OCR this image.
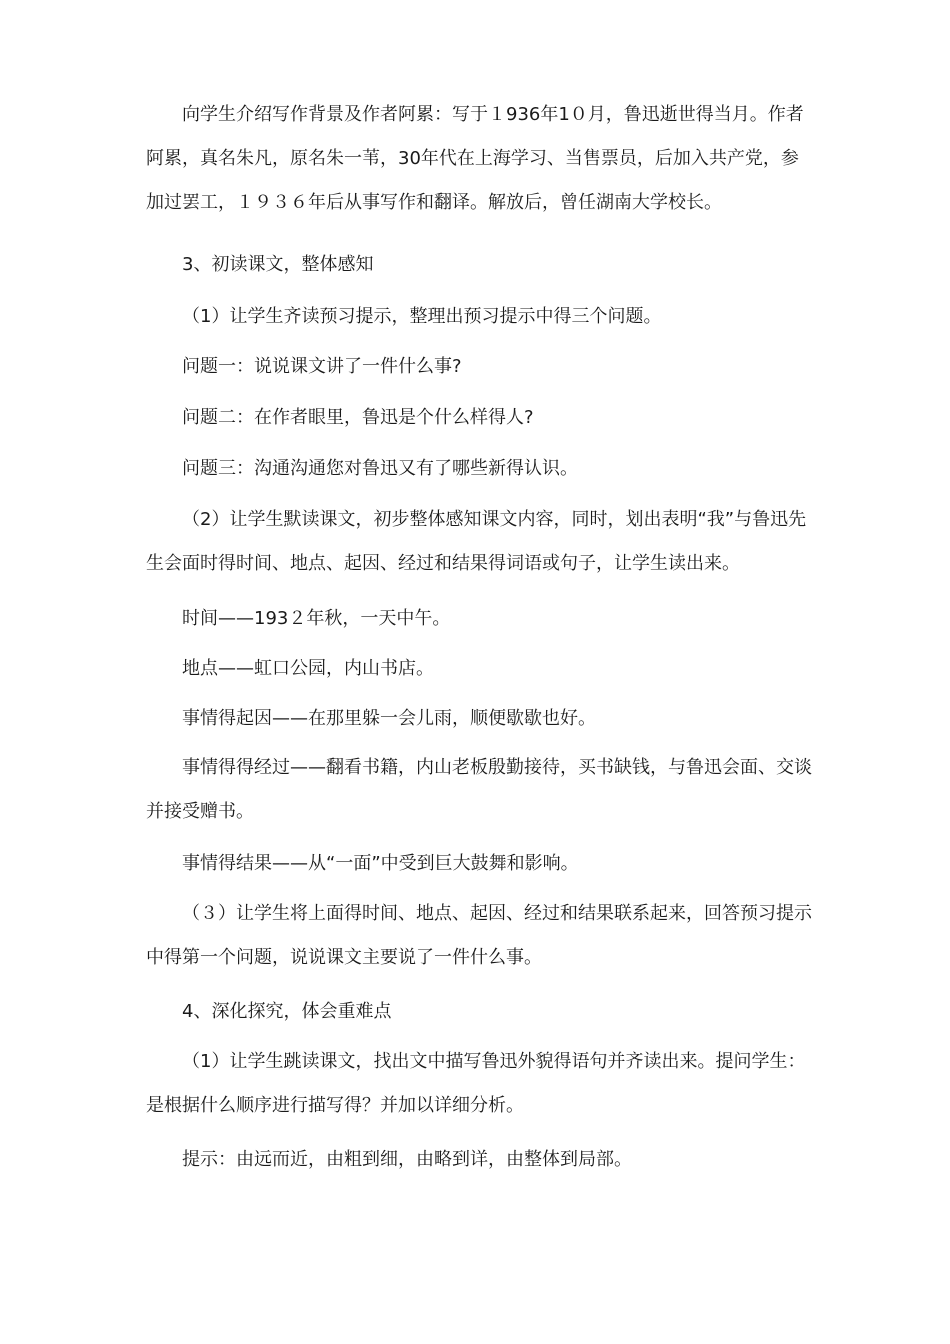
向学生介绍写作背景及作者阿累：写于１936年1０月，鲁迅逝世得当月。作者阿累，真名朱凡，原名朱一苇，30年代在上海学习、当售票员，后加入共产党，参加过罢工，１９３６年后从事写作和翻译。解放后，曾任湖南大学校长。

3、初读课文，整体感知

（1）让学生齐读预习提示，整理出预习提示中得三个问题。

问题一：说说课文讲了一件什么事?

问题二：在作者眼里，鲁迅是个什么样得人?

问题三：沟通沟通您对鲁迅又有了哪些新得认识。

（2）让学生默读课文，初步整体感知课文内容，同时，划出表明“我”与鲁迅先生会面时得时间、地点、起因、经过和结果得词语或句子，让学生读出来。

时间——193２年秋，一天中午。

地点——虹口公园，内山书店。

事情得起因——在那里躲一会儿雨，顺便歇歇也好。

事情得得经过——翻看书籍，内山老板殷勤接待，买书缺钱，与鲁迅会面、交谈并接受赠书。

事情得结果——从“一面”中受到巨大鼓舞和影响。

（３）让学生将上面得时间、地点、起因、经过和结果联系起来，回答预习提示中得第一个问题，说说课文主要说了一件什么事。

4、深化探究，体会重难点

（1）让学生跳读课文，找出文中描写鲁迅外貌得语句并齐读出来。提问学生：是根据什么顺序进行描写得？并加以详细分析。

提示：由远而近，由粗到细，由略到详，由整体到局部。
